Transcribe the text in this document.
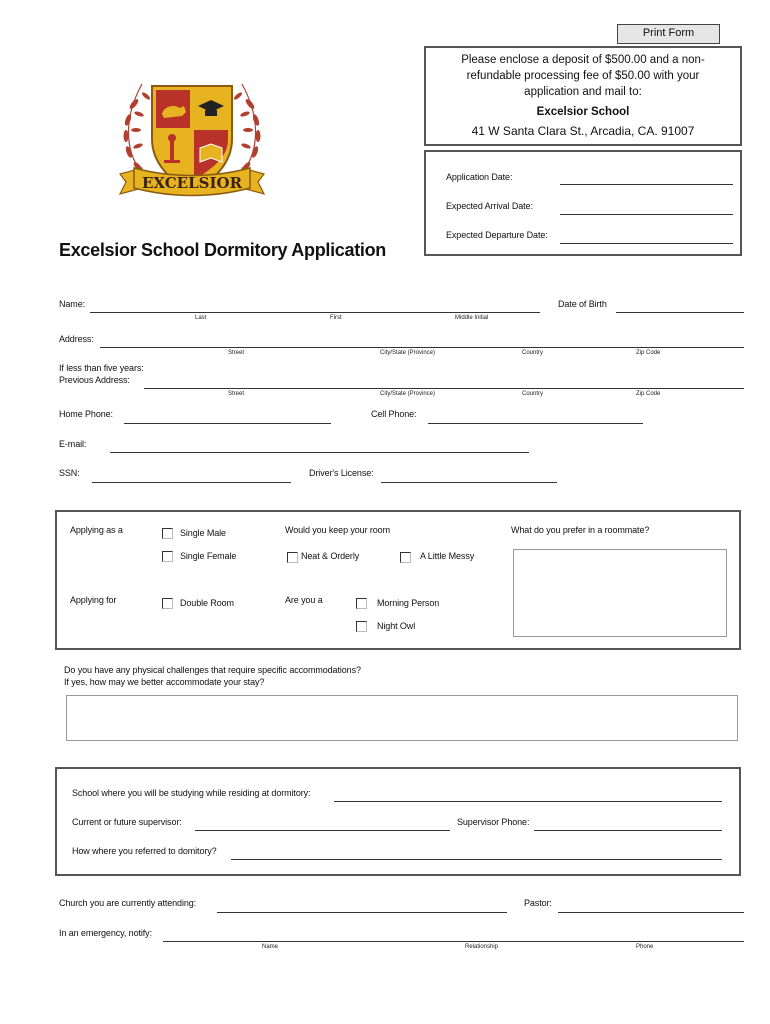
Print Form
Please enclose a deposit of $500.00 and a non-
refundable processing fee of $50.00 with your
application and mail to:
Excelsior School
41 W Santa Clara St., Arcadia, CA. 91007
Application Date:
Expected Arrival Date:
Expected Departure Date:
EXCELSIOR
Excelsior School Dormitory Application
Name:
Last	First	Middle Initial
Date of Birth
Address:
Street	City/State (Province)	Country	Zip Code
If less than five years:
Previous Address:
Street	City/State (Province)	Country	Zip Code
Home Phone:	Cell Phone:
E-mail:
SSN:	Driver's License:
Applying as a	Single Male
Single Female
Would you keep your room
Neat & Orderly	A Little Messy
What do you prefer in a roommate?
Applying for	Double Room	Are you a	Morning Person
Night Owl
Do you have any physical challenges that require specific accommodations?
If yes, how may we better accommodate your stay?
School where you will be studying while residing at dormitory:
Current or future supervisor:	Supervisor Phone:
How where you referred to domitory?
Church you are currently attending:	Pastor:
In an emergency, notify:
Name	Relationship	Phone
